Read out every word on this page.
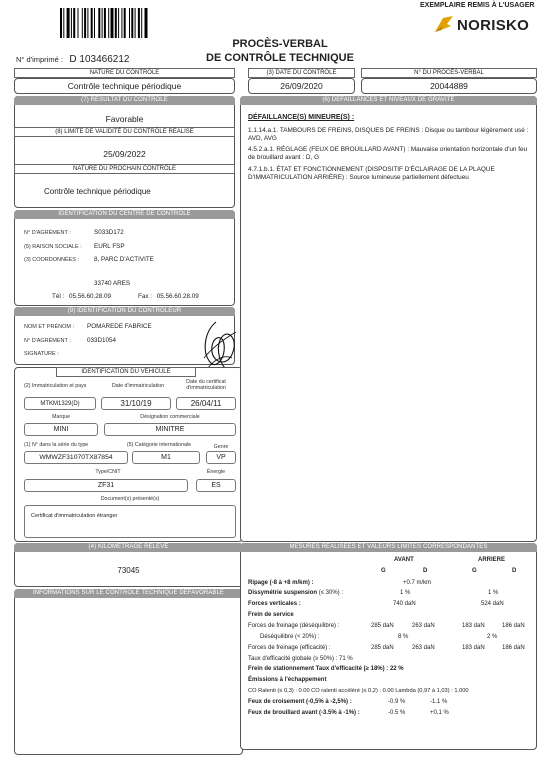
EXEMPLAIRE REMIS À L'USAGER
NORISKO
N° d'imprimé : D 103466212
PROCÈS-VERBAL
DE CONTRÔLE TECHNIQUE
NATURE DU CONTRÔLE	(3) DATE DU CONTRÔLE	N° DU PROCÈS-VERBAL
Contrôle technique périodique	26/09/2020	20044889
(7) RÉSULTAT DU CONTRÔLE
Favorable
(8) LIMITE DE VALIDITÉ DU CONTRÔLE RÉALISÉ
25/09/2022
NATURE DU PROCHAIN CONTRÔLE
Contrôle technique périodique
IDENTIFICATION DU CENTRE DE CONTRÔLE
N° D'AGRÉMENT :	S033D172
(5) RAISON SOCIALE : EURL FSP
(3) COORDONNÉES : 8, PARC D'ACTIVITE
33740 ARES
Tél : 05.56.60.28.09	Fax : 05.56.60.28.09
(9) IDENTIFICATION DU CONTRÔLEUR
NOM ET PRÉNOM : POMAREDE FABRICE
N° D'AGRÉMENT :	033D1054
SIGNATURE :
IDENTIFICATION DU VÉHICULE
(2) Immatriculation et pays	Date d'immatriculation
Date du certificat d'immatriculation
MTKM1329(D)	31/10/19	26/04/11
Marque	Désignation commerciale
MINI	MINITRE
(1) N° dans la série du type	(5) Catégorie internationale	Genre
WMWZF31070TX87854	M1	VP
Type/CNIT	Énergie
ZF31	ES
Document(s) présenté(s)
Certificat d'immatriculation étranger
(4) KILOMÉTRAGE RELEVÉ
73045
INFORMATIONS SUR LE CONTRÔLE TECHNIQUE DÉFAVORABLE
(6) DÉFAILLANCES ET NIVEAUX DE GRAVITÉ
DÉFAILLANCE(S) MINEURE(S) :
1.1.14.a.1. TAMBOURS DE FREINS, DISQUES DE FREINS : Disque ou tambour légèrement usé : AVD, AVG
4.5.2.a.1. RÉGLAGE (FEUX DE BROUILLARD AVANT) : Mauvaise orientation horizontale d'un feu de brouillard avant : D, G
4.7.1.b.1. ÉTAT ET FONCTIONNEMENT (DISPOSITIF D'ÉCLAIRAGE DE LA PLAQUE D'IMMATRICULATION ARRIÈRE) : Source lumineuse partiellement défectueu
MESURES RÉALISÉES ET VALEURS LIMITES CORRESPONDANTES
AVANT	ARRIERE
G	D	G	D
Ripage (-8 à +8 m/km) :	+0.7 m/km
Dissymétrie suspension (≤ 30%) :	1 %	1 %
Forces verticales :	740 daN	524 daN
Frein de service
Forces de freinage (déséquilibre) :	285 daN	263 daN	183 daN	186 daN
Déséquilibre (< 20%) :	8 %	2 %
Forces de freinage (efficacité) :	285 daN	263 daN	183 daN	186 daN
Taux d'efficacité globale (≥ 50%) : 71 %
Frein de stationnement Taux d'efficacité (≥ 18%) : 22 %
Émissions à l'échappement
CO Ralenti (≤ 0,3) : 0.00 CO ralenti accéléré (≤ 0,2) : 0.00 Lambda (0,97 à 1,03) : 1.000
Feux de croisement (-0,5% à -2,5%) :	-0.9 %	-1.1 %
Feux de brouillard avant (-3.5% à -1%) :	-0.5 %	+0.1 %
